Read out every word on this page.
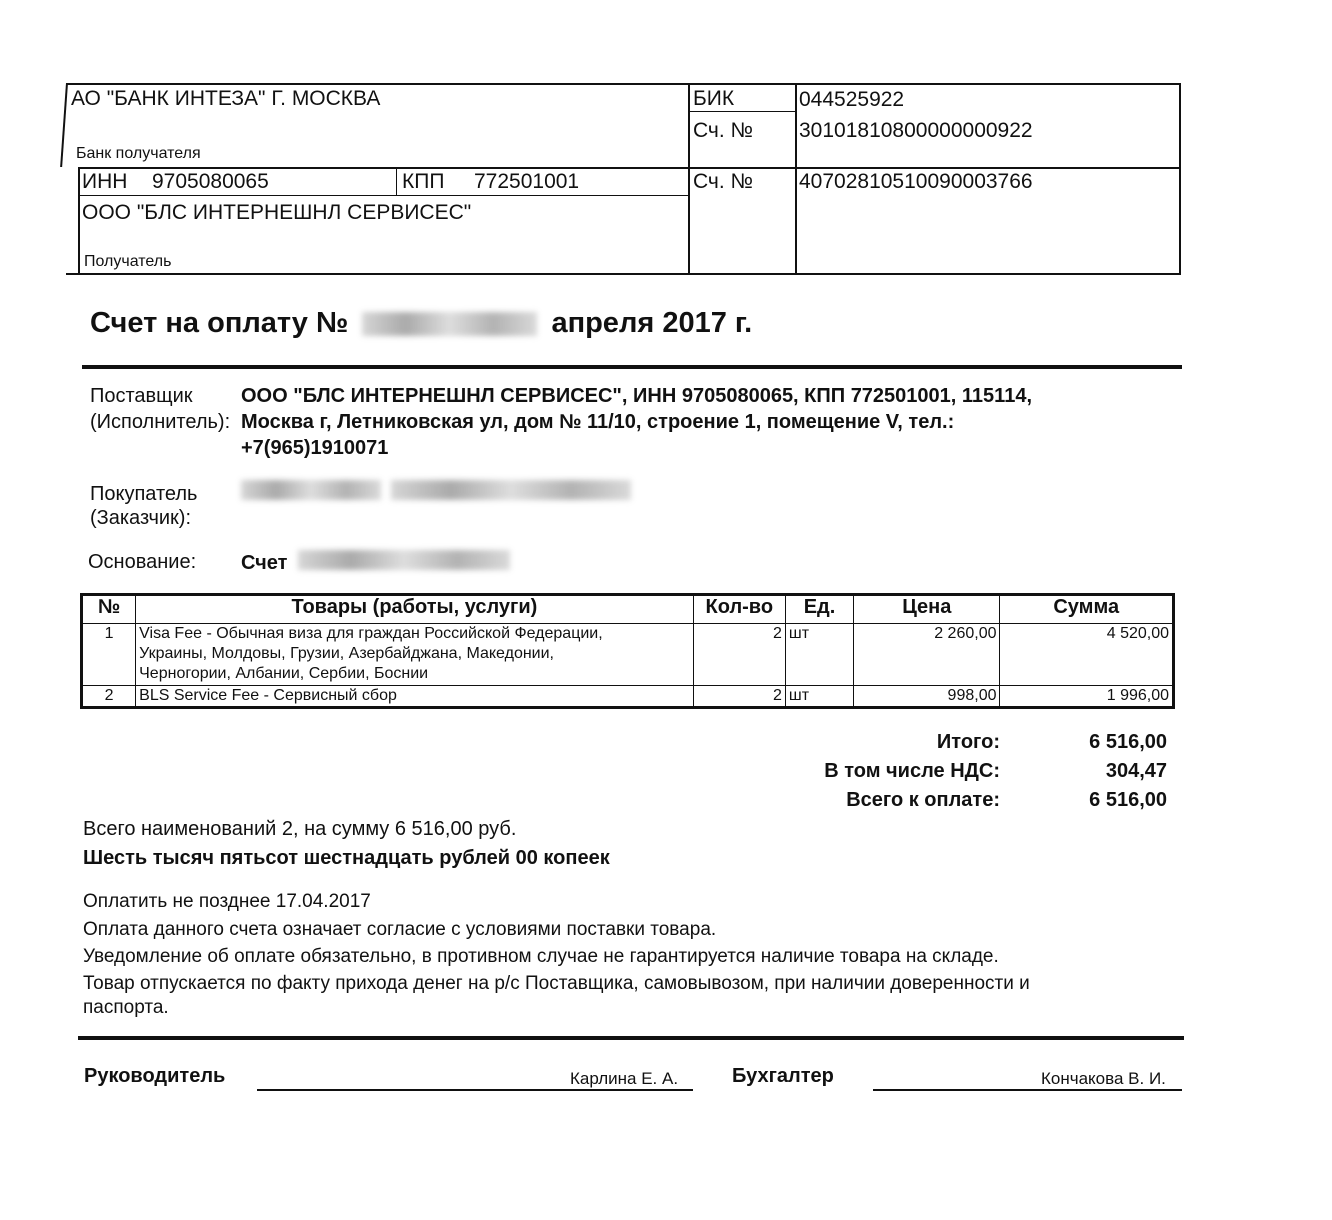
АО "БАНК ИНТЕЗА" Г. МОСКВА
Банк получателя
БИК	044525922
Сч. № 30101810800000000922
ИНН 9705080065	КПП 772501001	Сч. № 40702810510090003766
ООО "БЛС ИНТЕРНЕШНЛ СЕРВИСЕС"
Получатель
Счет на оплату №	апреля 2017 г.
Поставщик
(Исполнитель):
ООО "БЛС ИНТЕРНЕШНЛ СЕРВИСЕС", ИНН 9705080065, КПП 772501001, 115114,
Москва г, Летниковская ул, дом № 11/10, строение 1, помещение V, тел.:
+7(965)1910071
Покупатель
(Заказчик):

Основание: Счет
№	Товары (работы, услуги)	Кол-во	Ед.	Цена	Сумма
1	Visa Fee - Обычная виза для граждан Российской Федерации,
Украины, Молдовы, Грузии, Азербайджана, Македонии,
Черногории, Албании, Сербии, Боснии	2	шт	2 260,00	4 520,00
2	BLS Service Fee - Сервисный сбор	2	шт	998,00	1 996,00
Итого:	6 516,00
В том числе НДС:	304,47
Всего к оплате:	6 516,00
Всего наименований 2, на сумму 6 516,00 руб.
Шесть тысяч пятьсот шестнадцать рублей 00 копеек
Оплатить не позднее 17.04.2017
Оплата данного счета означает согласие с условиями поставки товара.
Уведомление об оплате обязательно, в противном случае не гарантируется наличие товара на складе.
Товар отпускается по факту прихода денег на р/с Поставщика, самовывозом, при наличии доверенности и
паспорта.
Руководитель	Карлина Е. А.	Бухгалтер	Кончакова В. И.
